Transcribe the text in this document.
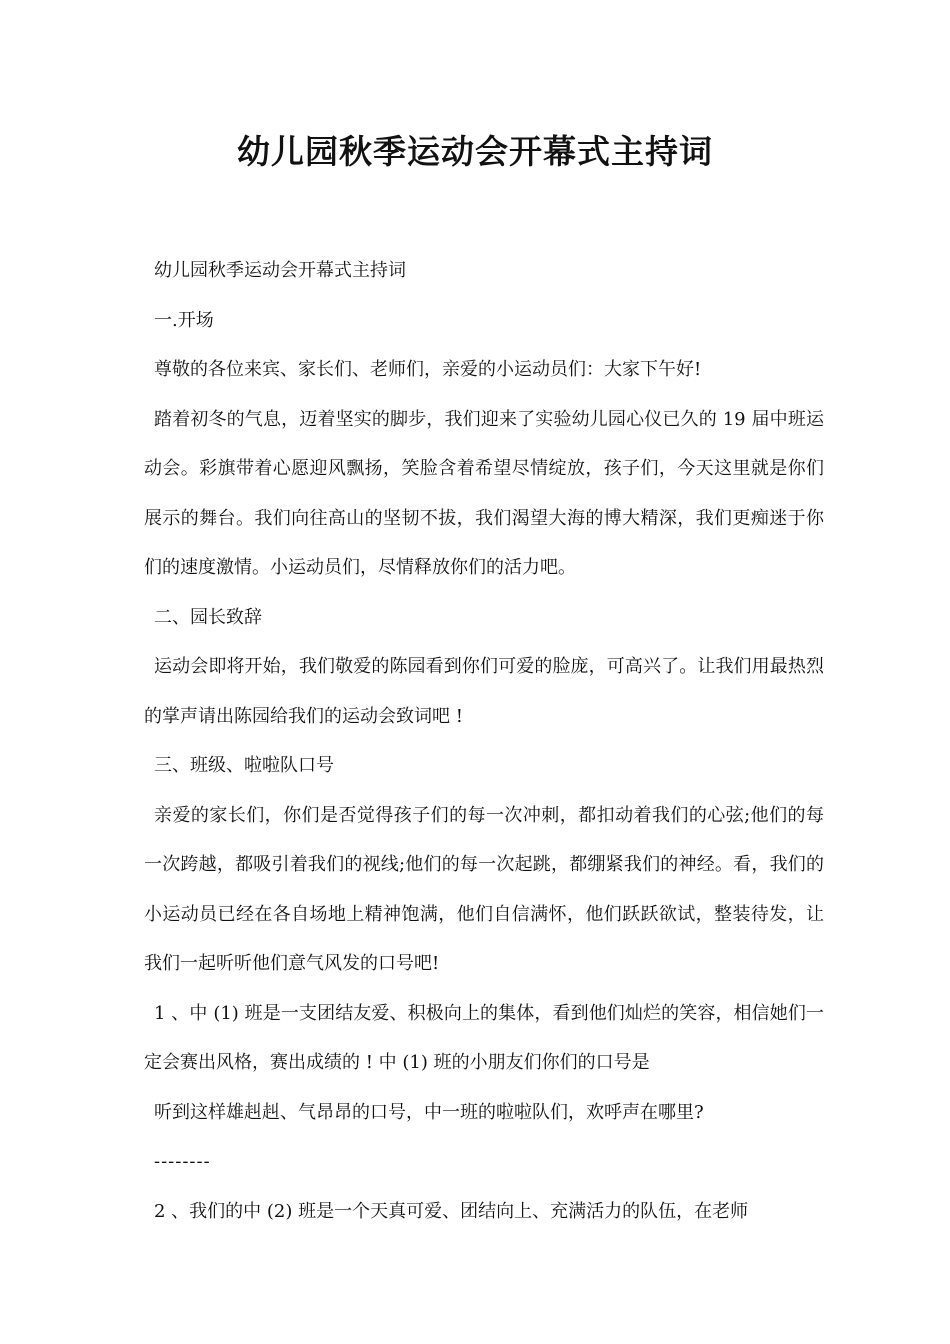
幼儿园秋季运动会开幕式主持词

幼儿园秋季运动会开幕式主持词

一.开场

尊敬的各位来宾、家长们、老师们，亲爱的小运动员们：大家下午好!

踏着初冬的气息，迈着坚实的脚步，我们迎来了实验幼儿园心仪已久的 19 届中班运动会。彩旗带着心愿迎风飘扬，笑脸含着希望尽情绽放，孩子们，今天这里就是你们展示的舞台。我们向往高山的坚韧不拔，我们渴望大海的博大精深，我们更痴迷于你们的速度激情。小运动员们，尽情释放你们的活力吧。

二、园长致辞

运动会即将开始，我们敬爱的陈园看到你们可爱的脸庞，可高兴了。让我们用最热烈的掌声请出陈园给我们的运动会致词吧 !

三、班级、啦啦队口号

亲爱的家长们，你们是否觉得孩子们的每一次冲刺，都扣动着我们的心弦;他们的每一次跨越，都吸引着我们的视线;他们的每一次起跳，都绷紧我们的神经。看，我们的小运动员已经在各自场地上精神饱满，他们自信满怀，他们跃跃欲试，整装待发，让我们一起听听他们意气风发的口号吧!

1 、中 (1) 班是一支团结友爱、积极向上的集体，看到他们灿烂的笑容，相信她们一定会赛出风格，赛出成绩的 ! 中 (1) 班的小朋友们你们的口号是

听到这样雄赳赳、气昂昂的口号，中一班的啦啦队们，欢呼声在哪里?

--------

2 、我们的中 (2) 班是一个天真可爱、团结向上、充满活力的队伍，在老师
